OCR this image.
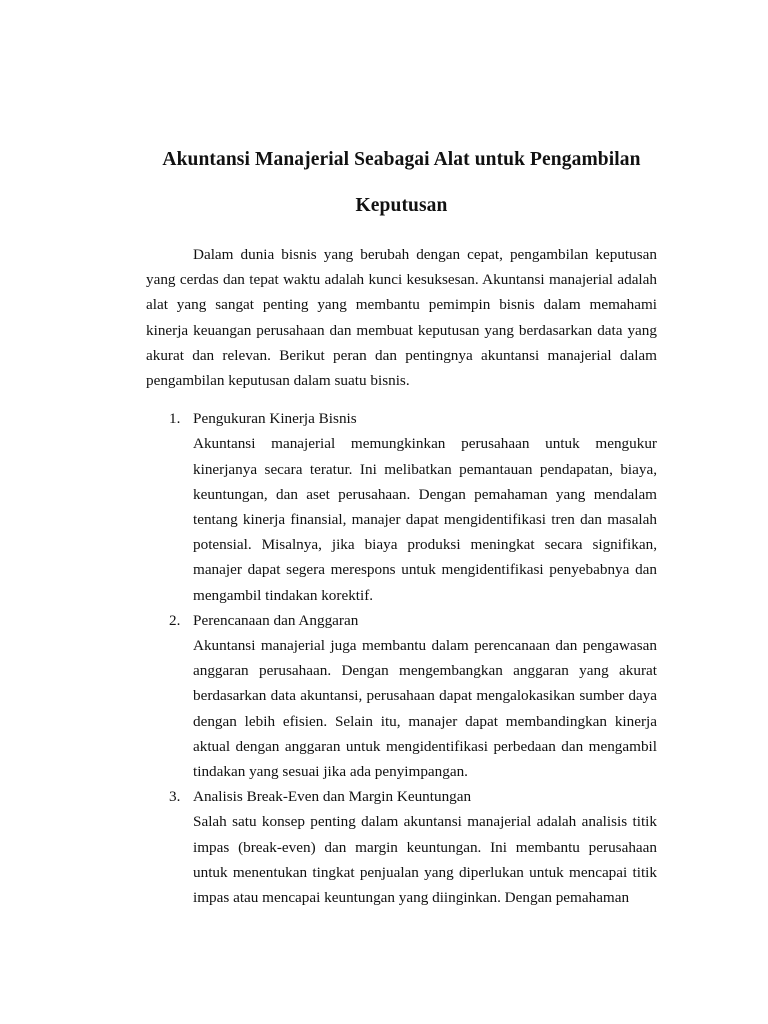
Akuntansi Manajerial Seabagai Alat untuk Pengambilan Keputusan

Dalam dunia bisnis yang berubah dengan cepat, pengambilan keputusan yang cerdas dan tepat waktu adalah kunci kesuksesan. Akuntansi manajerial adalah alat yang sangat penting yang membantu pemimpin bisnis dalam memahami kinerja keuangan perusahaan dan membuat keputusan yang berdasarkan data yang akurat dan relevan. Berikut peran dan pentingnya akuntansi manajerial dalam pengambilan keputusan dalam suatu bisnis.

1. Pengukuran Kinerja Bisnis

Akuntansi manajerial memungkinkan perusahaan untuk mengukur kinerjanya secara teratur. Ini melibatkan pemantauan pendapatan, biaya, keuntungan, dan aset perusahaan. Dengan pemahaman yang mendalam tentang kinerja finansial, manajer dapat mengidentifikasi tren dan masalah potensial. Misalnya, jika biaya produksi meningkat secara signifikan, manajer dapat segera merespons untuk mengidentifikasi penyebabnya dan mengambil tindakan korektif.

2. Perencanaan dan Anggaran

Akuntansi manajerial juga membantu dalam perencanaan dan pengawasan anggaran perusahaan. Dengan mengembangkan anggaran yang akurat berdasarkan data akuntansi, perusahaan dapat mengalokasikan sumber daya dengan lebih efisien. Selain itu, manajer dapat membandingkan kinerja aktual dengan anggaran untuk mengidentifikasi perbedaan dan mengambil tindakan yang sesuai jika ada penyimpangan.

3. Analisis Break-Even dan Margin Keuntungan

Salah satu konsep penting dalam akuntansi manajerial adalah analisis titik impas (break-even) dan margin keuntungan. Ini membantu perusahaan untuk menentukan tingkat penjualan yang diperlukan untuk mencapai titik impas atau mencapai keuntungan yang diinginkan. Dengan pemahaman
